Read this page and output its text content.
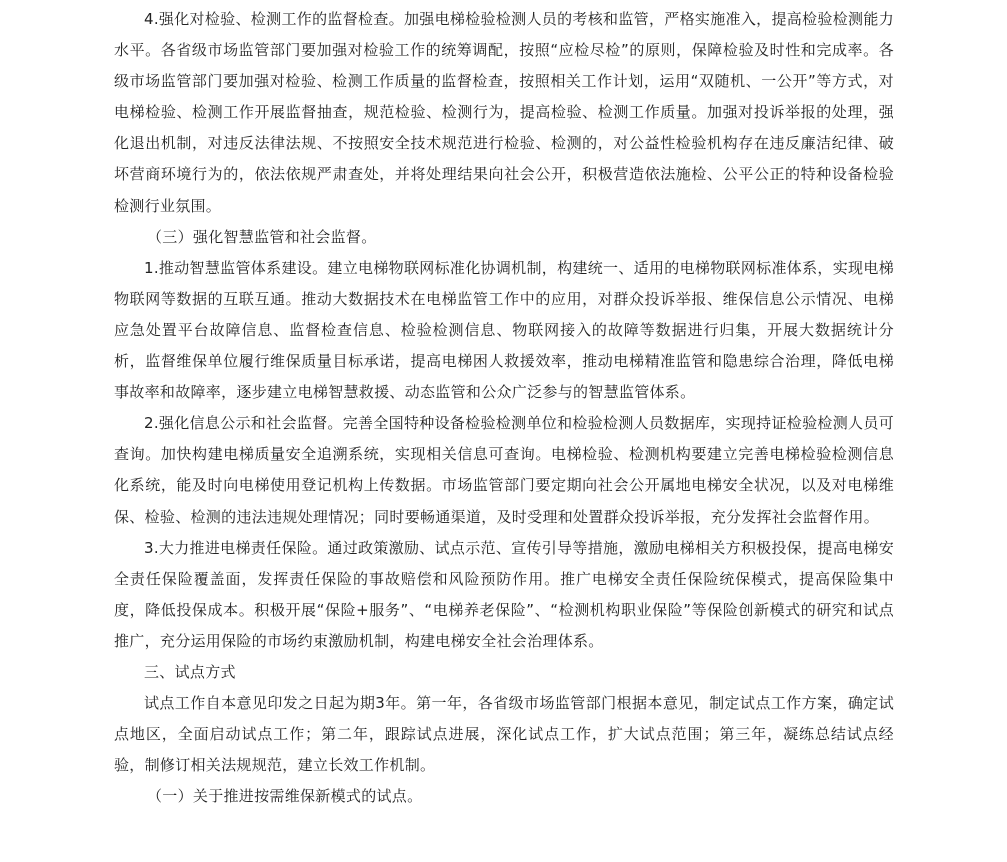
4.强化对检验、检测工作的监督检查。加强电梯检验检测人员的考核和监管，严格实施准入，提高检验检测能力水平。各省级市场监管部门要加强对检验工作的统筹调配，按照“应检尽检”的原则，保障检验及时性和完成率。各级市场监管部门要加强对检验、检测工作质量的监督检查，按照相关工作计划，运用“双随机、一公开”等方式，对电梯检验、检测工作开展监督抽查，规范检验、检测行为，提高检验、检测工作质量。加强对投诉举报的处理，强化退出机制，对违反法律法规、不按照安全技术规范进行检验、检测的，对公益性检验机构存在违反廉洁纪律、破坏营商环境行为的，依法依规严肃查处，并将处理结果向社会公开，积极营造依法施检、公平公正的特种设备检验检测行业氛围。

（三）强化智慧监管和社会监督。

1.推动智慧监管体系建设。建立电梯物联网标准化协调机制，构建统一、适用的电梯物联网标准体系，实现电梯物联网等数据的互联互通。推动大数据技术在电梯监管工作中的应用，对群众投诉举报、维保信息公示情况、电梯应急处置平台故障信息、监督检查信息、检验检测信息、物联网接入的故障等数据进行归集，开展大数据统计分析，监督维保单位履行维保质量目标承诺，提高电梯困人救援效率，推动电梯精准监管和隐患综合治理，降低电梯事故率和故障率，逐步建立电梯智慧救援、动态监管和公众广泛参与的智慧监管体系。

2.强化信息公示和社会监督。完善全国特种设备检验检测单位和检验检测人员数据库，实现持证检验检测人员可查询。加快构建电梯质量安全追溯系统，实现相关信息可查询。电梯检验、检测机构要建立完善电梯检验检测信息化系统，能及时向电梯使用登记机构上传数据。市场监管部门要定期向社会公开属地电梯安全状况，以及对电梯维保、检验、检测的违法违规处理情况；同时要畅通渠道，及时受理和处置群众投诉举报，充分发挥社会监督作用。

3.大力推进电梯责任保险。通过政策激励、试点示范、宣传引导等措施，激励电梯相关方积极投保，提高电梯安全责任保险覆盖面，发挥责任保险的事故赔偿和风险预防作用。推广电梯安全责任保险统保模式，提高保险集中度，降低投保成本。积极开展“保险+服务”、“电梯养老保险”、“检测机构职业保险”等保险创新模式的研究和试点推广，充分运用保险的市场约束激励机制，构建电梯安全社会治理体系。

三、试点方式

试点工作自本意见印发之日起为期3年。第一年，各省级市场监管部门根据本意见，制定试点工作方案，确定试点地区，全面启动试点工作；第二年，跟踪试点进展，深化试点工作，扩大试点范围；第三年，凝练总结试点经验，制修订相关法规规范，建立长效工作机制。

（一）关于推进按需维保新模式的试点。
